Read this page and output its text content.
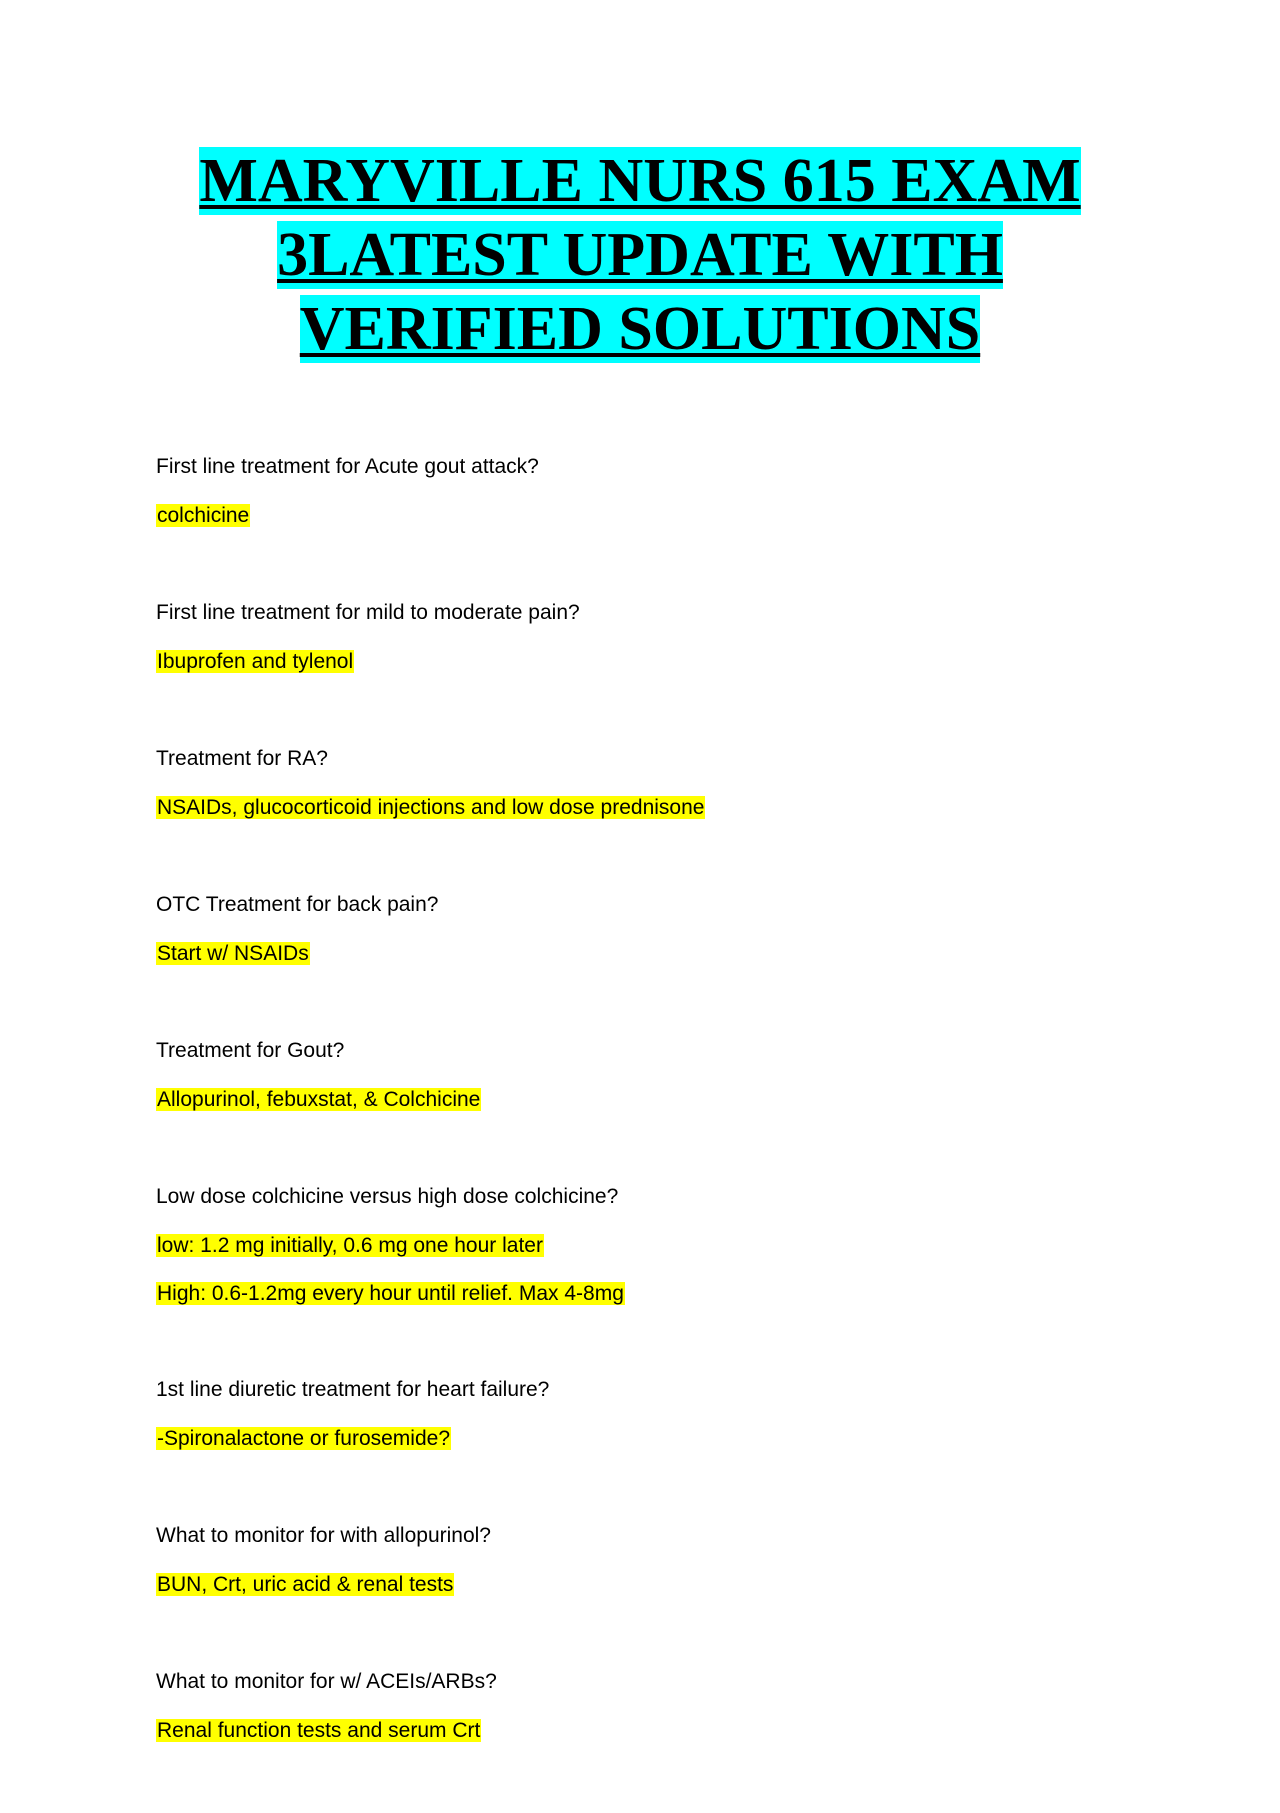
MARYVILLE NURS 615 EXAM
3LATEST UPDATE WITH
VERIFIED SOLUTIONS
First line treatment for Acute gout attack?
colchicine
First line treatment for mild to moderate pain?
Ibuprofen and tylenol
Treatment for RA?
NSAIDs, glucocorticoid injections and low dose prednisone
OTC Treatment for back pain?
Start w/ NSAIDs
Treatment for Gout?
Allopurinol, febuxstat, & Colchicine
Low dose colchicine versus high dose colchicine?
low: 1.2 mg initially, 0.6 mg one hour later
High: 0.6-1.2mg every hour until relief. Max 4-8mg
1st line diuretic treatment for heart failure?
-Spironalactone or furosemide?
What to monitor for with allopurinol?
BUN, Crt, uric acid & renal tests
What to monitor for w/ ACEIs/ARBs?
Renal function tests and serum Crt
